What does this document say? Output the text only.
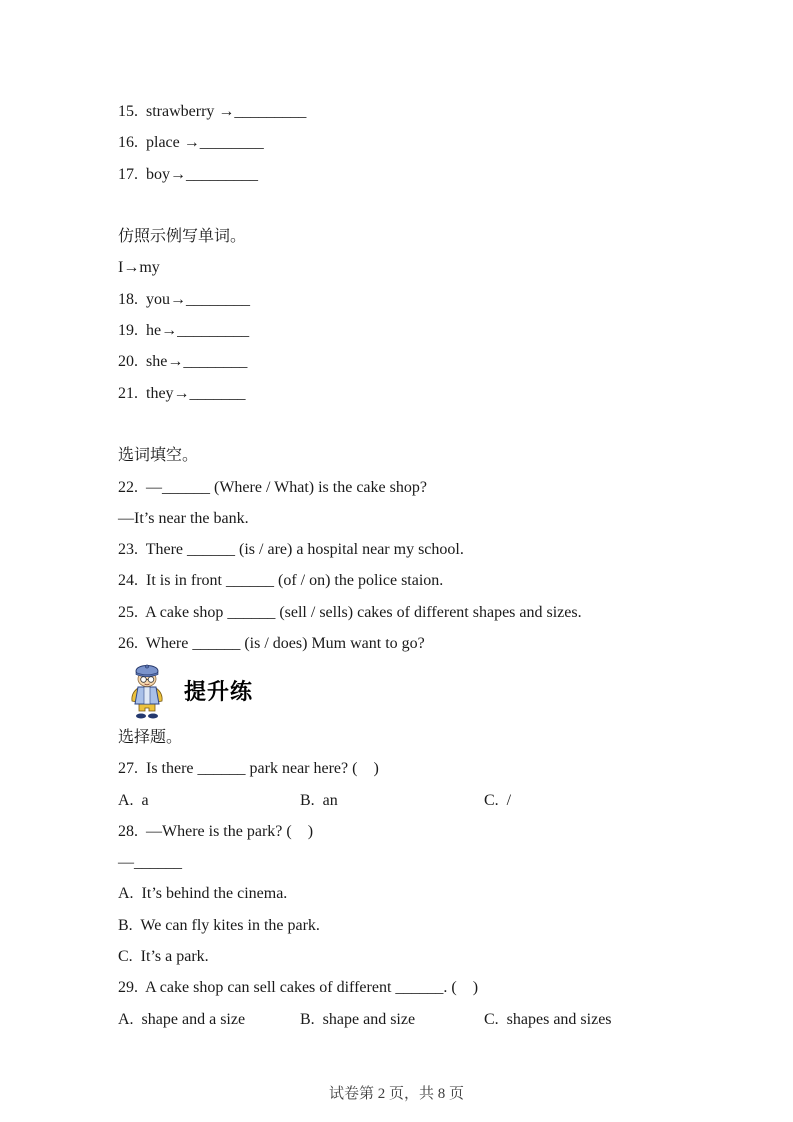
15.  strawberry →_________
16.  place →________
17.  boy→_________
仿照示例写单词。
I→my
18.  you→________
19.  he→_________
20.  she→________
21.  they→_______
选词填空。
22.  —______ (Where / What) is the cake shop?
—It’s near the bank.
23.  There ______ (is / are) a hospital near my school.
24.  It is in front ______ (of / on) the police staion.
25.  A cake shop ______ (sell / sells) cakes of different shapes and sizes.
26.  Where ______ (is / does) Mum want to go?
提升练
选择题。
27.  Is there ______ park near here? (    )
A.  a	B.  an	C.  /
28.  —Where is the park? (    )
—______
A.  It’s behind the cinema.
B.  We can fly kites in the park.
C.  It’s a park.
29.  A cake shop can sell cakes of different ______. (    )
A.  shape and a size	B.  shape and size	C.  shapes and sizes
试卷第 2 页，共 8 页
